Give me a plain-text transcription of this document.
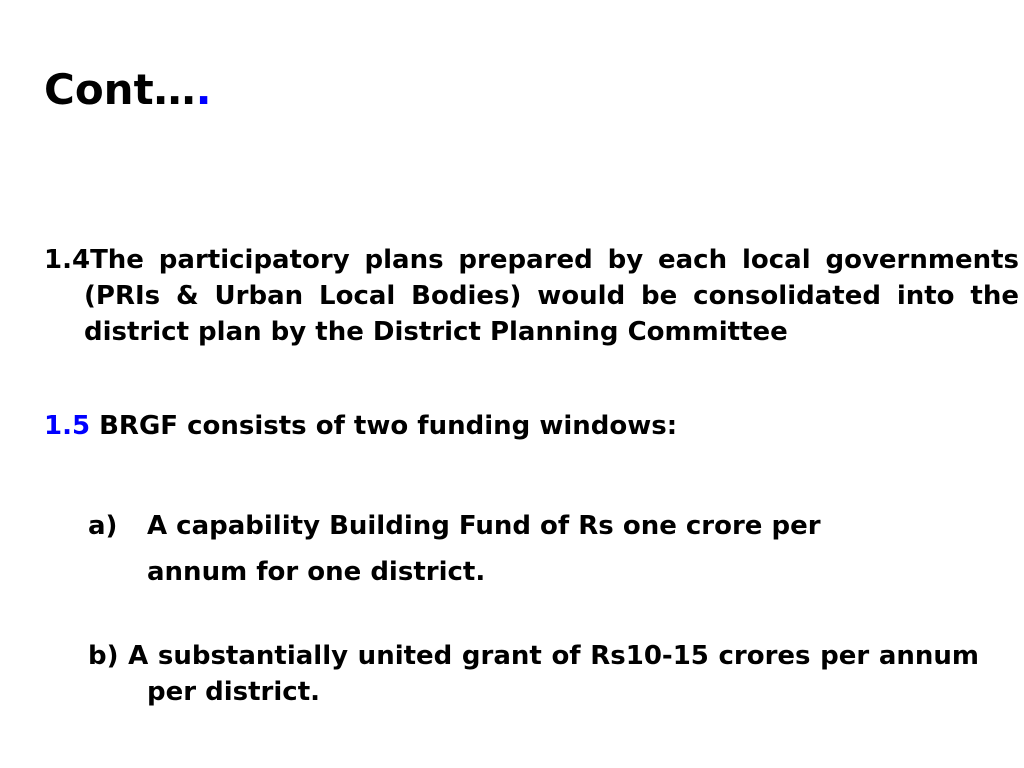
Cont….
1.4The participatory plans prepared by each local governments (PRIs & Urban Local Bodies) would be consolidated into the district plan by the District Planning Committee
1.5 BRGF consists of two funding windows:
a) A capability Building Fund of Rs one crore per
annum for one district.
b) A substantially united grant of Rs10-15 crores per annum per district.
